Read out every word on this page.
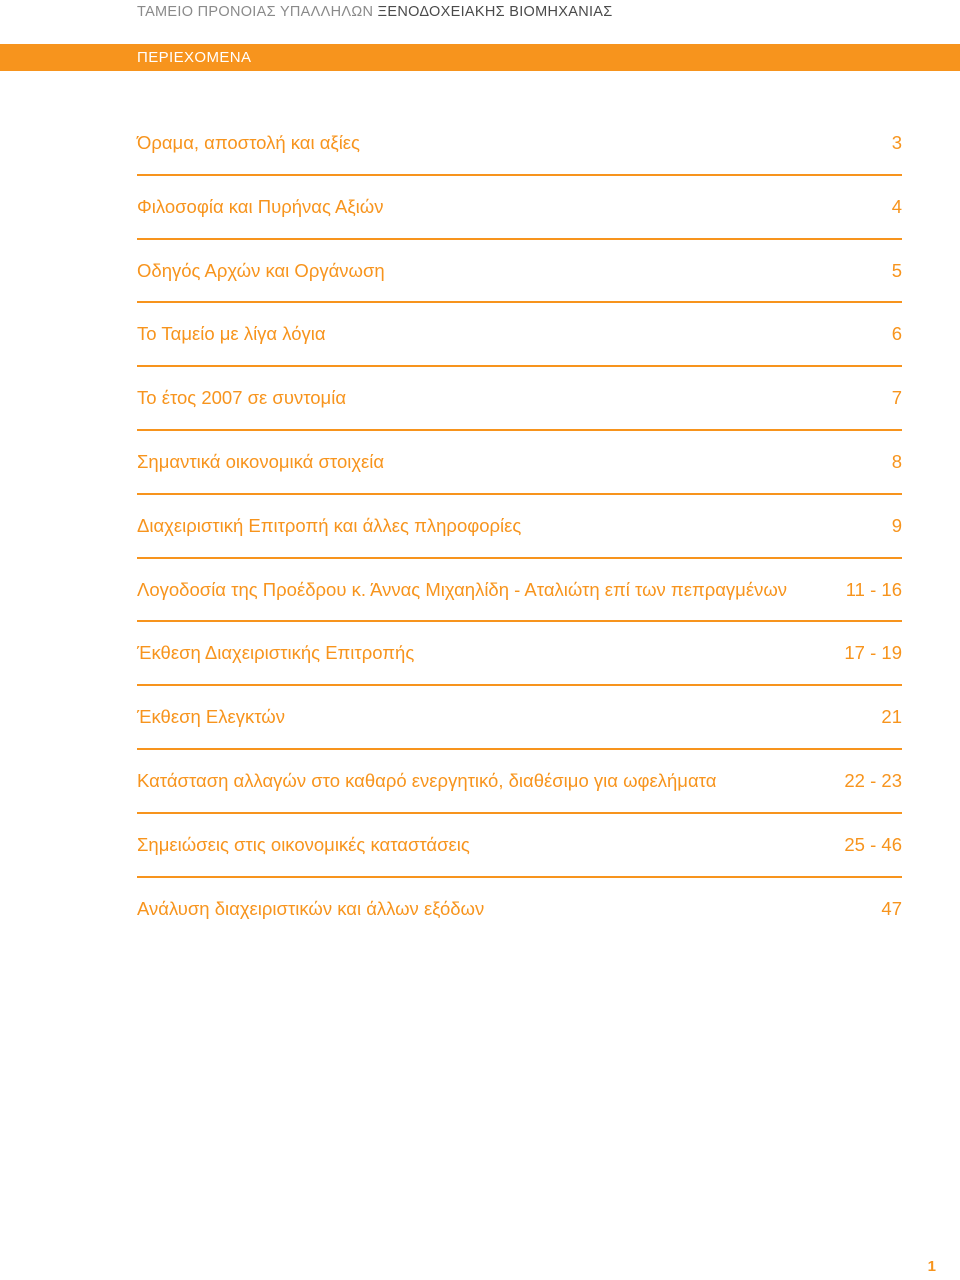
ΤΑΜΕΙΟ ΠΡΟΝΟΙΑΣ ΥΠΑΛΛΗΛΩΝ ΞΕΝΟΔΟΧΕΙΑΚΗΣ ΒΙΟΜΗΧΑΝΙΑΣ
ΠΕΡΙΕΧΟΜΕΝΑ
Όραμα, αποστολή και αξίες	3
Φιλοσοφία και Πυρήνας Αξιών	4
Οδηγός Αρχών και Οργάνωση	5
Το Ταμείο με λίγα λόγια	6
Το έτος 2007 σε συντομία	7
Σημαντικά οικονομικά στοιχεία	8
Διαχειριστική Επιτροπή και άλλες πληροφορίες	9
Λογοδοσία της Προέδρου κ. Άννας Μιχαηλίδη - Αταλιώτη επί των πεπραγμένων	11 - 16
Έκθεση Διαχειριστικής Επιτροπής	17 - 19
Έκθεση Ελεγκτών	21
Κατάσταση αλλαγών στο καθαρό ενεργητικό, διαθέσιμο για ωφελήματα	22 - 23
Σημειώσεις στις οικονομικές καταστάσεις	25 - 46
Ανάλυση διαχειριστικών και άλλων εξόδων	47
1
